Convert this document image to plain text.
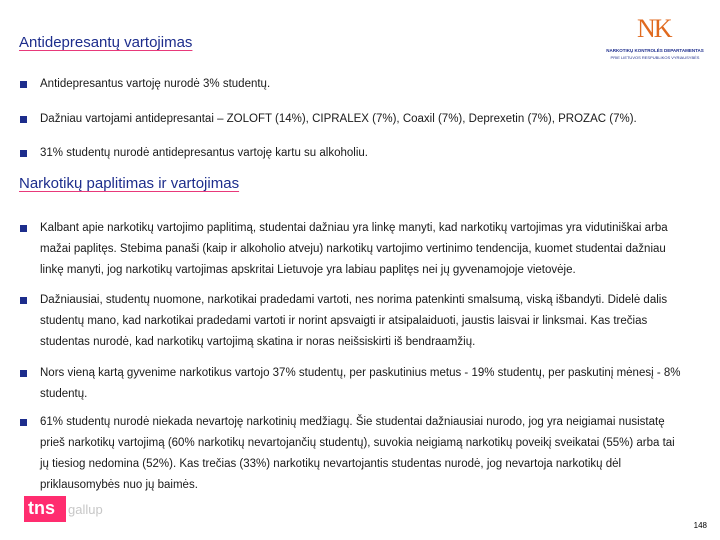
Antidepresantų vartojimas
Antidepresantus vartoję nurodė 3% studentų.
Dažniau vartojami antidepresantai – ZOLOFT (14%), CIPRALEX (7%), Coaxil (7%), Deprexetin (7%), PROZAC (7%).
31% studentų nurodė antidepresantus vartoję kartu su alkoholiu.
Narkotikų paplitimas ir vartojimas
Kalbant apie narkotikų vartojimo paplitimą, studentai dažniau yra linkę manyti, kad narkotikų vartojimas yra vidutiniškai arba mažai paplitęs. Stebima panaši (kaip ir alkoholio atveju) narkotikų vartojimo vertinimo tendencija, kuomet studentai dažniau linkę manyti, jog narkotikų vartojimas apskritai Lietuvoje yra labiau paplitęs nei jų gyvenamojoje vietovėje.
Dažniausiai, studentų nuomone, narkotikai pradedami vartoti, nes norima patenkinti smalsumą, viską išbandyti. Didelė dalis studentų mano, kad narkotikai pradedami vartoti ir norint apsvaigti ir atsipalaiduoti, jaustis laisvai ir linksmai. Kas trečias studentas nurodė, kad narkotikų vartojimą skatina ir noras neišsiskirti iš bendraamžių.
Nors vieną kartą gyvenime narkotikus vartojo 37% studentų, per paskutinius metus - 19% studentų, per paskutinį mėnesį - 8% studentų.
61% studentų nurodė niekada nevartoję narkotinių medžiagų. Šie studentai dažniausiai nurodo, jog yra neigiamai nusistatę prieš narkotikų vartojimą (60% narkotikų nevartojančių studentų), suvokia neigiamą narkotikų poveikį sveikatai (55%) arba tai jų tiesiog nedomina (52%). Kas trečias (33%) narkotikų nevartojantis studentas nurodė, jog nevartoja narkotikų dėl priklausomybės nuo jų baimės.
NK
NARKOTIKŲ KONTROLĖS DEPARTAMENTAS
PRIE LIETUVOS RESPUBLIKOS VYRIAUSYBĖS
tns gallup
148
